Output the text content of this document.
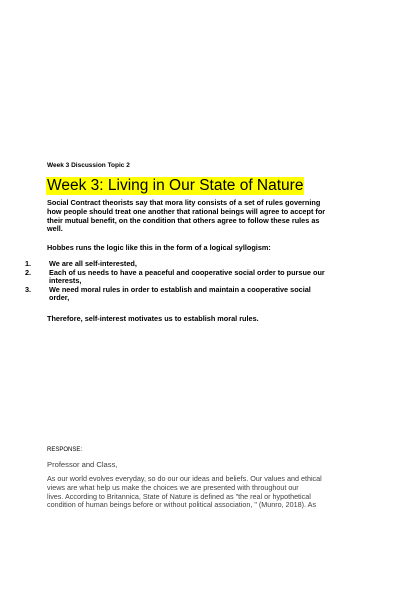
Week 3 Discussion Topic 2
Week 3: Living in Our State of Nature
Social Contract theorists say that mora lity consists of a set of rules governing
how people should treat one another that rational beings will agree to accept for
their mutual benefit, on the condition that others agree to follow these rules as
well.
Hobbes runs the logic like this in the form of a logical syllogism:
1. We are all self-interested,
2. Each of us needs to have a peaceful and cooperative social order to pursue our
interests,
3. We need moral rules in order to establish and maintain a cooperative social
order,
Therefore, self-interest motivates us to establish moral rules.
RESPONSE:
Professor and Class,
As our world evolves everyday, so do our our ideas and beliefs. Our values and ethical
views are what help us make the choices we are presented with throughout our
lives. According to Britannica, State of Nature is defined as "the real or hypothetical
condition of human beings before or without political association, " (Munro, 2018). As
